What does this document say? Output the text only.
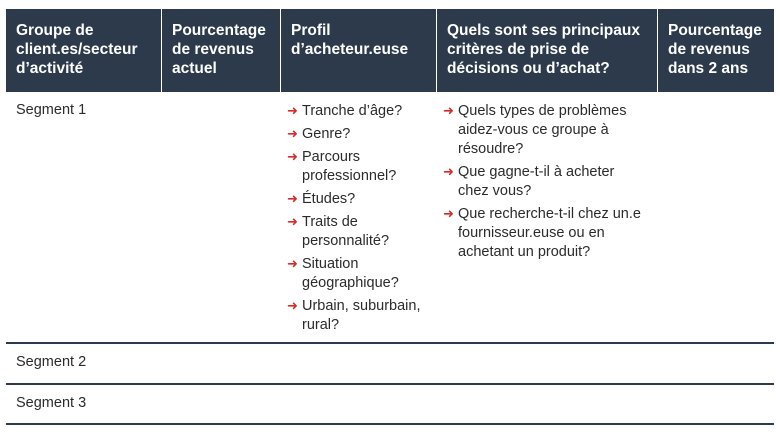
Groupe de client.es/secteur d’activité
Pourcentage de revenus actuel
Profil d’acheteur.euse
Quels sont ses principaux critères de prise de décisions ou d’achat?
Pourcentage de revenus dans 2 ans
Segment 1	➜ Tranche d’âge?
➜ Genre?
➜ Parcours professionnel?
➜ Études?
➜ Traits de personnalité?
➜ Situation géographique?
➜ Urbain, suburbain, rural?
➜ Quels types de problèmes aidez-vous ce groupe à résoudre?
➜ Que gagne-t-il à acheter chez vous?
➜ Que recherche-t-il chez un.e fournisseur.euse ou en achetant un produit?
Segment 2
Segment 3
